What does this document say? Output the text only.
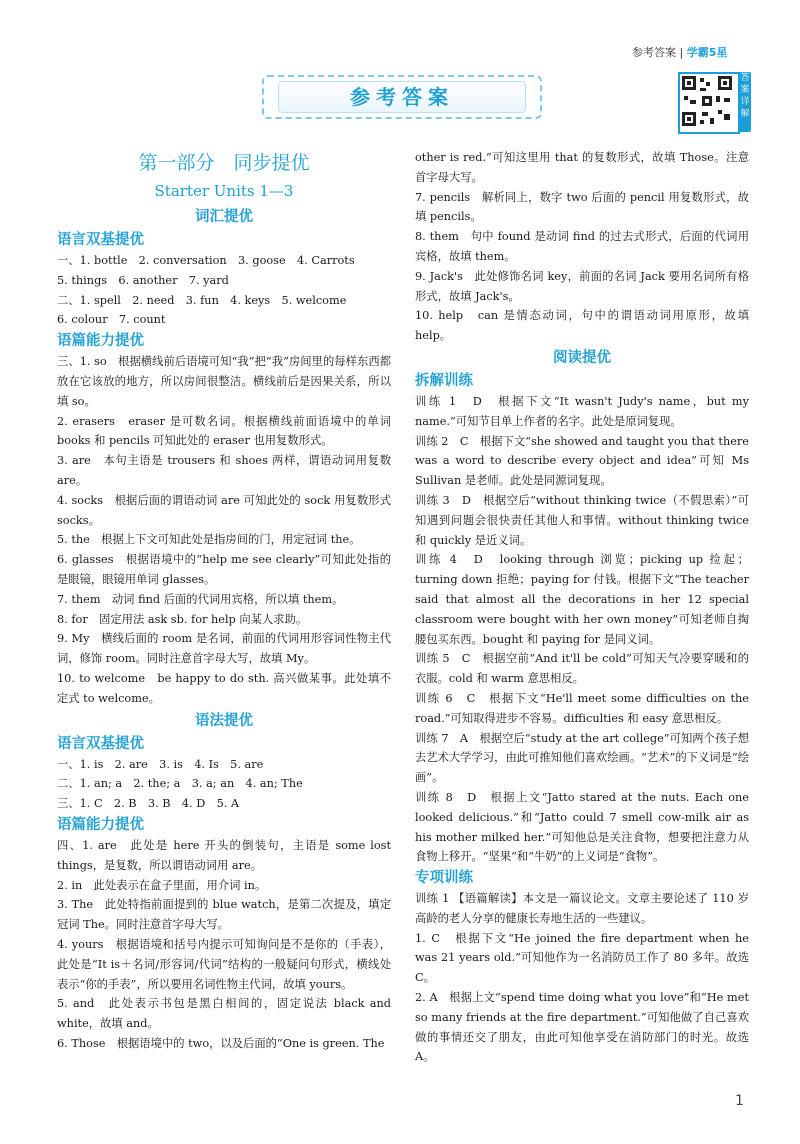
参考答案 | 学霸5星
答案详解
参考答案
第一部分　同步提优
Starter Units 1—3
词汇提优
语言双基提优
一、1. bottle　2. conversation　3. goose　4. Carrots
5. things　6. another　7. yard
二、1. spell　2. need　3. fun　4. keys　5. welcome
6. colour　7. count
语篇能力提优
三、1. so　根据横线前后语境可知“我”把“我”房间里的每样东西都放在它该放的地方，所以房间很整洁。横线前后是因果关系，所以填 so。
2. erasers　eraser 是可数名词。根据横线前面语境中的单词 books 和 pencils 可知此处的 eraser 也用复数形式。
3. are　本句主语是 trousers 和 shoes 两样，谓语动词用复数 are。
4. socks　根据后面的谓语动词 are 可知此处的 sock 用复数形式 socks。
5. the　根据上下文可知此处是指房间的门，用定冠词 the。
6. glasses　根据语境中的“help me see clearly”可知此处指的是眼镜，眼镜用单词 glasses。
7. them　动词 find 后面的代词用宾格，所以填 them。
8. for　固定用法 ask sb. for help 向某人求助。
9. My　横线后面的 room 是名词，前面的代词用形容词性物主代词，修饰 room。同时注意首字母大写，故填 My。
10. to welcome　be happy to do sth. 高兴做某事。此处填不定式 to welcome。
语法提优
语言双基提优
一、1. is　2. are　3. is　4. Is　5. are
二、1. an; a　2. the; a　3. a; an　4. an; The
三、1. C　2. B　3. B　4. D　5. A
语篇能力提优
四、1. are　此处是 here 开头的倒装句，主语是 some lost things，是复数，所以谓语动词用 are。
2. in　此处表示在盒子里面，用介词 in。
3. The　此处特指前面提到的 blue watch，是第二次提及，填定冠词 The。同时注意首字母大写。
4. yours　根据语境和括号内提示可知询问是不是你的（手表），此处是“It is＋名词/形容词/代词”结构的一般疑问句形式，横线处表示“你的手表”，所以要用名词性物主代词，故填 yours。
5. and　此处表示书包是黑白相间的，固定说法 black and white，故填 and。
6. Those　根据语境中的 two，以及后面的“One is green. The
other is red.”可知这里用 that 的复数形式，故填 Those。注意首字母大写。
7. pencils　解析同上，数字 two 后面的 pencil 用复数形式，故填 pencils。
8. them　句中 found 是动词 find 的过去式形式，后面的代词用宾格，故填 them。
9. Jack's　此处修饰名词 key，前面的名词 Jack 要用名词所有格形式，故填 Jack's。
10. help　can 是情态动词，句中的谓语动词用原形，故填 help。
阅读提优
拆解训练
训练 1　D　根据下文“It wasn't Judy's name，but my name.”可知节目单上作者的名字。此处是原词复现。
训练 2　C　根据下文“she showed and taught you that there was a word to describe every object and idea”可知 Ms Sullivan 是老师。此处是同源词复现。
训练 3　D　根据空后“without thinking twice（不假思索）”可知遇到问题会很快责任其他人和事情。without thinking twice 和 quickly 是近义词。
训练 4　D　looking through 浏览；picking up 捡起；turning down 拒绝；paying for 付钱。根据下文“The teacher said that almost all the decorations in her 12 special classroom were bought with her own money”可知老师自掏腰包买东西。bought 和 paying for 是同义词。
训练 5　C　根据空前“And it'll be cold”可知天气冷要穿暖和的衣服。cold 和 warm 意思相反。
训练 6　C　根据下文“He'll meet some difficulties on the road.”可知取得进步不容易。difficulties 和 easy 意思相反。
训练 7　A　根据空后“study at the art college”可知两个孩子想去艺术大学学习，由此可推知他们喜欢绘画。“艺术”的下义词是“绘画”。
训练 8　D　根据上文“Jatto stared at the nuts. Each one looked delicious.”和“Jatto could 7 smell cow-milk air as his mother milked her.”可知他总是关注食物，想要把注意力从食物上移开。“坚果”和“牛奶”的上义词是“食物”。
专项训练
训练 1 【语篇解读】本文是一篇议论文。文章主要论述了 110 岁高龄的老人分享的健康长寿地生活的一些建议。
1. C　根据下文“He joined the fire department when he was 21 years old.”可知他作为一名消防员工作了 80 多年。故选 C。
2. A　根据上文“spend time doing what you love”和“He met so many friends at the fire department.”可知他做了自己喜欢做的事情还交了朋友，由此可知他享受在消防部门的时光。故选 A。
1
